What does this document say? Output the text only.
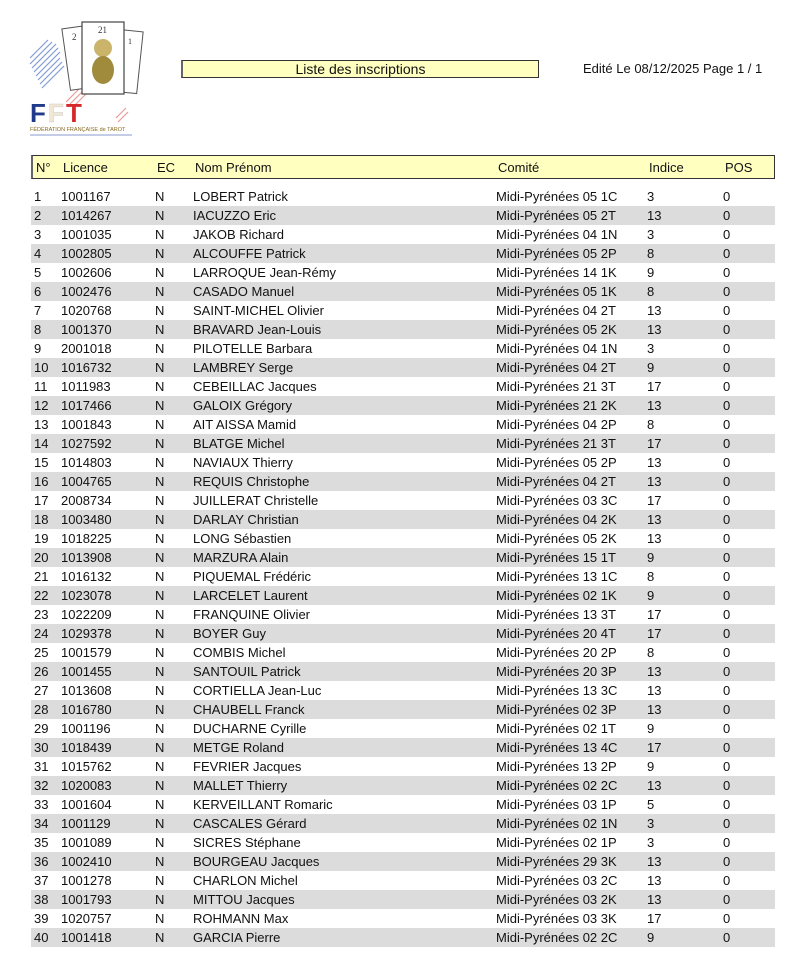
2	1
21
F F T
FÉDÉRATION FRANÇAISE de TAROT
Liste des inscriptions	Edité Le 08/12/2025 Page 1 / 1
N° Licence	EC Nom Prénom	Comité	Indice	POS
1 1001167	N LOBERT Patrick	Midi-Pyrénées 05 1C 3	0
2 1014267	N IACUZZO Eric	Midi-Pyrénées 05 2T 13	0
3 1001035	N JAKOB Richard	Midi-Pyrénées 04 1N 3	0
4 1002805	N ALCOUFFE Patrick	Midi-Pyrénées 05 2P 8	0
5 1002606	N LARROQUE Jean-Rémy	Midi-Pyrénées 14 1K 9	0
6 1002476	N CASADO Manuel	Midi-Pyrénées 05 1K 8	0
7 1020768	N SAINT-MICHEL Olivier	Midi-Pyrénées 04 2T 13	0
8 1001370	N BRAVARD Jean-Louis	Midi-Pyrénées 05 2K 13	0
9 2001018	N PILOTELLE Barbara	Midi-Pyrénées 04 1N 3	0
10 1016732	N LAMBREY Serge	Midi-Pyrénées 04 2T 9	0
11 1011983	N CEBEILLAC Jacques	Midi-Pyrénées 21 3T 17	0
12 1017466	N GALOIX Grégory	Midi-Pyrénées 21 2K 13	0
13 1001843	N AIT AISSA Mamid	Midi-Pyrénées 04 2P 8	0
14 1027592	N BLATGE Michel	Midi-Pyrénées 21 3T 17	0
15 1014803	N NAVIAUX Thierry	Midi-Pyrénées 05 2P 13	0
16 1004765	N REQUIS Christophe	Midi-Pyrénées 04 2T 13	0
17 2008734	N JUILLERAT Christelle	Midi-Pyrénées 03 3C 17	0
18 1003480	N DARLAY Christian	Midi-Pyrénées 04 2K 13	0
19 1018225	N LONG Sébastien	Midi-Pyrénées 05 2K 13	0
20 1013908	N MARZURA Alain	Midi-Pyrénées 15 1T 9	0
21 1016132	N PIQUEMAL Frédéric	Midi-Pyrénées 13 1C 8	0
22 1023078	N LARCELET Laurent	Midi-Pyrénées 02 1K 9	0
23 1022209	N FRANQUINE Olivier	Midi-Pyrénées 13 3T 17	0
24 1029378	N BOYER Guy	Midi-Pyrénées 20 4T 17	0
25 1001579	N COMBIS Michel	Midi-Pyrénées 20 2P 8	0
26 1001455	N SANTOUIL Patrick	Midi-Pyrénées 20 3P 13	0
27 1013608	N CORTIELLA Jean-Luc	Midi-Pyrénées 13 3C 13	0
28 1016780	N CHAUBELL Franck	Midi-Pyrénées 02 3P 13	0
29 1001196	N DUCHARNE Cyrille	Midi-Pyrénées 02 1T 9	0
30 1018439	N METGE Roland	Midi-Pyrénées 13 4C 17	0
31 1015762	N FEVRIER Jacques	Midi-Pyrénées 13 2P 9	0
32 1020083	N MALLET Thierry	Midi-Pyrénées 02 2C 13	0
33 1001604	N KERVEILLANT Romaric	Midi-Pyrénées 03 1P 5	0
34 1001129	N CASCALES Gérard	Midi-Pyrénées 02 1N 3	0
35 1001089	N SICRES Stéphane	Midi-Pyrénées 02 1P 3	0
36 1002410	N BOURGEAU Jacques	Midi-Pyrénées 29 3K 13	0
37 1001278	N CHARLON Michel	Midi-Pyrénées 03 2C 13	0
38 1001793	N MITTOU Jacques	Midi-Pyrénées 03 2K 13	0
39 1020757	N ROHMANN Max	Midi-Pyrénées 03 3K 17	0
40 1001418	N GARCIA Pierre	Midi-Pyrénées 02 2C 9	0
